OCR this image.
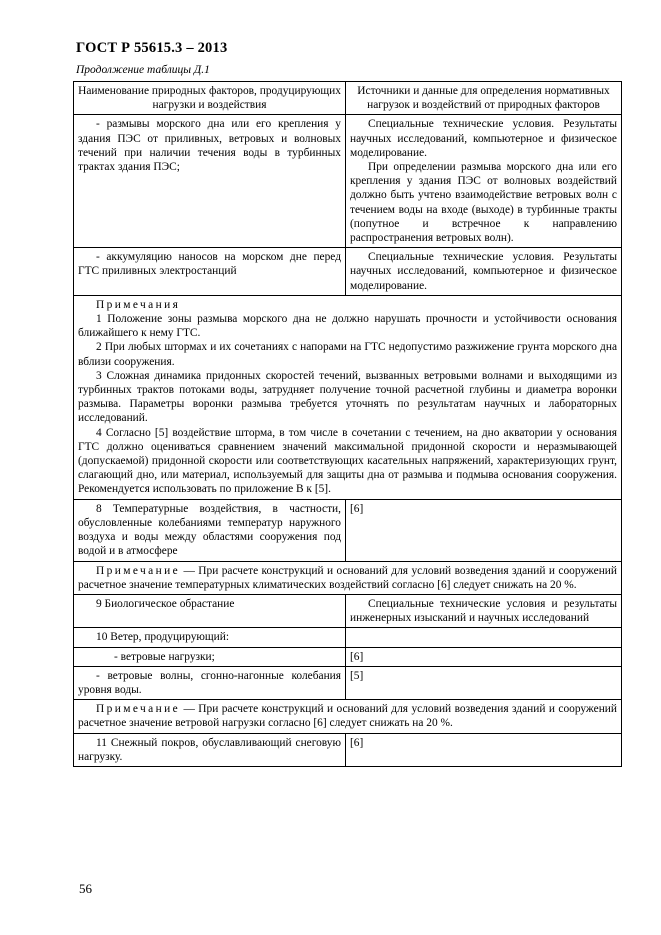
ГОСТ Р 55615.3 – 2013
Продолжение таблицы Д.1
Наименование природных факторов, продуцирующих нагрузки и воздействия	Источники и данные для определения нормативных нагрузок и воздействий от природных факторов
- размывы морского дна или его крепления у здания ПЭС от приливных, ветровых и волновых течений при наличии течения воды в турбинных трактах здания ПЭС;	Специальные технические условия. Результаты научных исследований, компьютерное и физическое моделирование.

При определении размыва морского дна или его крепления у здания ПЭС от волновых воздействий должно быть учтено взаимодействие ветровых волн с течением воды на входе (выходе) в турбинные тракты (попутное и встречное к направлению распространения ветровых волн).

- аккумуляцию наносов на морском дне перед ГТС приливных электростанций	Специальные технические условия. Результаты научных исследований, компьютерное и физическое моделирование.

Примечания

1 Положение зоны размыва морского дна не должно нарушать прочности и устойчивости основания ближайшего к нему ГТС.

2 При любых штормах и их сочетаниях с напорами на ГТС недопустимо разжижение грунта морского дна вблизи сооружения.

3 Сложная динамика придонных скоростей течений, вызванных ветровыми волнами и выходящими из турбинных трактов потоками воды, затрудняет получение точной расчетной глубины и диаметра воронки размыва. Параметры воронки размыва требуется уточнять по результатам научных и лабораторных исследований.

4 Согласно [5] воздействие шторма, в том числе в сочетании с течением, на дно акватории у основания ГТС должно оцениваться сравнением значений максимальной придонной скорости и неразмывающей (допускаемой) придонной скорости или соответствующих касательных напряжений, характеризующих грунт, слагающий дно, или материал, используемый для защиты дна от размыва и подмыва основания сооружения. Рекомендуется использовать по приложение В к [5].	

8 Температурные воздействия, в частности, обусловленные колебаниями температур наружного воздуха и воды между областями сооружения под водой и в атмосфере	[6]
Примечание — При расчете конструкций и оснований для условий возведения зданий и сооружений расчетное значение температурных климатических воздействий согласно [6] следует снижать на 20 %.	
9 Биологическое обрастание	Специальные технические условия и результаты инженерных изысканий и научных исследований
10 Ветер, продуцирующий:	
- ветровые нагрузки;	[6]
- ветровые волны, сгонно-нагонные колебания уровня воды.	[5]
Примечание — При расчете конструкций и оснований для условий возведения зданий и сооружений расчетное значение ветровой нагрузки согласно [6] следует снижать на 20 %.	
11 Снежный покров, обуславливающий снеговую нагрузку.	[6]
56
